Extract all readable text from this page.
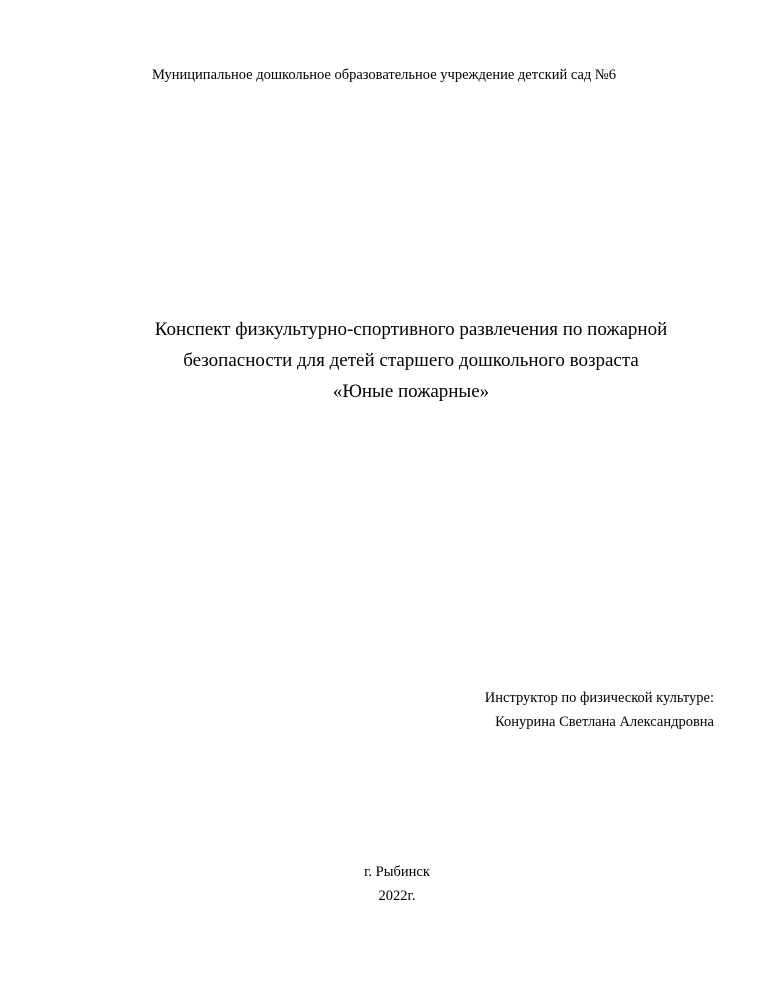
Муниципальное дошкольное образовательное учреждение детский сад №6
Конспект физкультурно-спортивного развлечения по пожарной
безопасности для детей старшего дошкольного возраста
«Юные пожарные»
Инструктор по физической культуре:
Конурина Светлана Александровна
г. Рыбинск
2022г.
